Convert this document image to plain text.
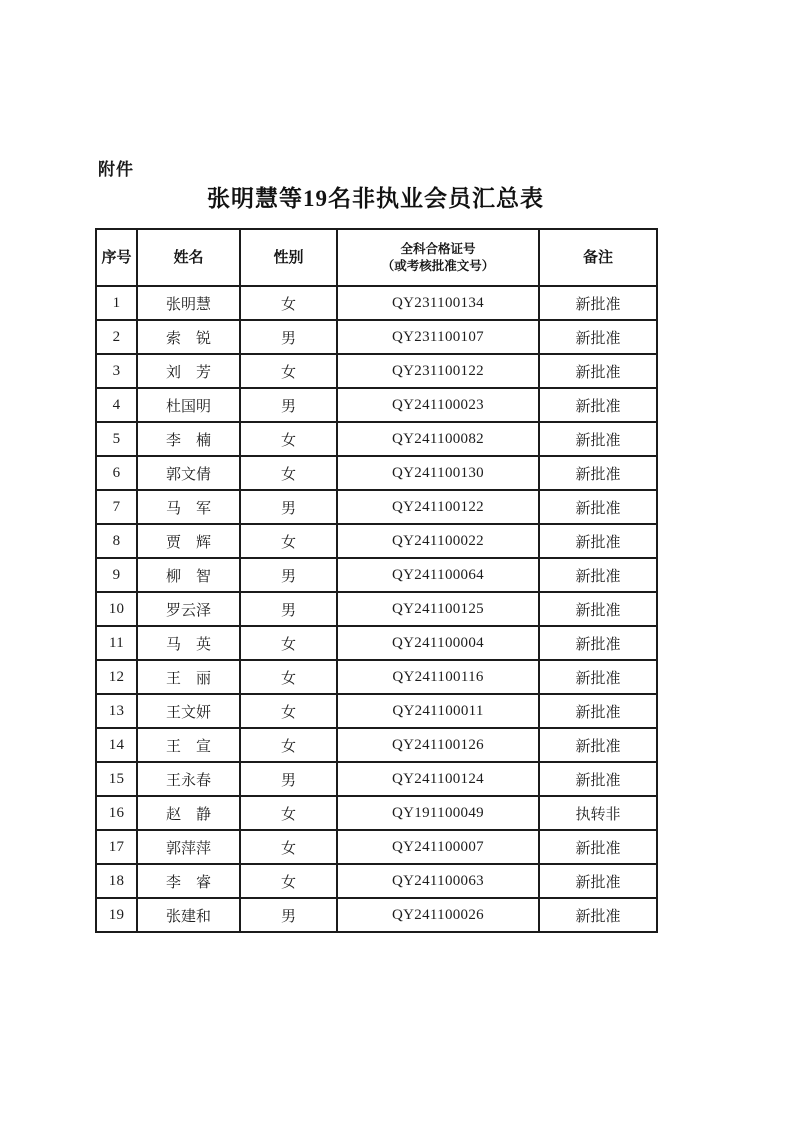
附件
张明慧等19名非执业会员汇总表
序号	姓名	性别	全科合格证号
（或考核批准文号）	备注

1	张明慧	女	QY231100134	新批准
2	索　锐	男	QY231100107	新批准
3	刘　芳	女	QY231100122	新批准
4	杜国明	男	QY241100023	新批准
5	李　楠	女	QY241100082	新批准
6	郭文倩	女	QY241100130	新批准
7	马　军	男	QY241100122	新批准
8	贾　辉	女	QY241100022	新批准
9	柳　智	男	QY241100064	新批准
10	罗云泽	男	QY241100125	新批准
11	马　英	女	QY241100004	新批准
12	王　丽	女	QY241100116	新批准
13	王文妍	女	QY241100011	新批准
14	王　宣	女	QY241100126	新批准
15	王永春	男	QY241100124	新批准
16	赵　静	女	QY191100049	执转非
17	郭萍萍	女	QY241100007	新批准
18	李　睿	女	QY241100063	新批准
19	张建和	男	QY241100026	新批准
